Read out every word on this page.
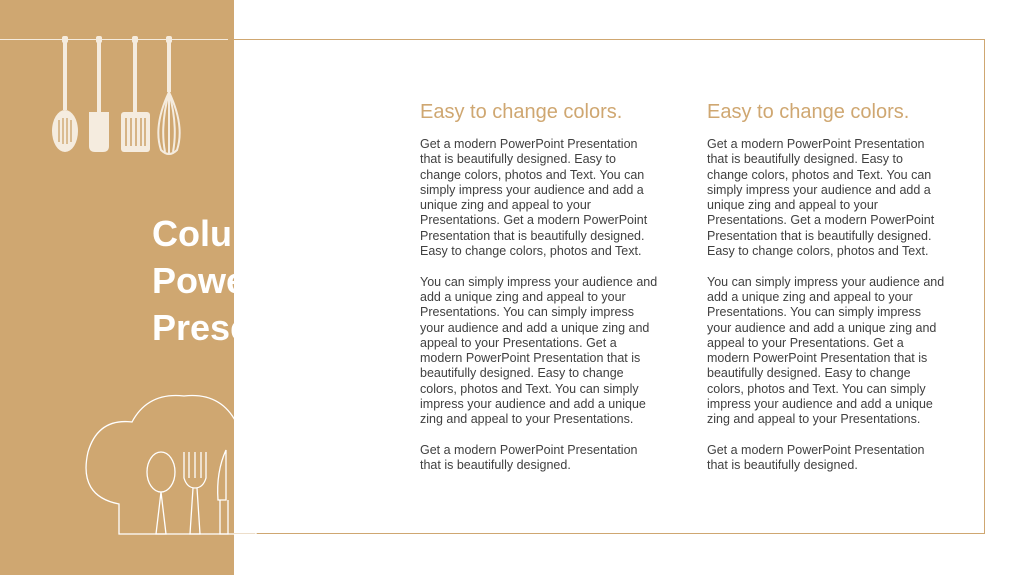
Column
Powerpoint
Presentation
Easy to change colors.

Get a modern PowerPoint Presentation that is beautifully designed. Easy to change colors, photos and Text. You can simply impress your audience and add a unique zing and appeal to your Presentations. Get a modern PowerPoint Presentation that is beautifully designed. Easy to change colors, photos and Text.

You can simply impress your audience and add a unique zing and appeal to your Presentations. You can simply impress your audience and add a unique zing and appeal to your Presentations. Get a modern PowerPoint Presentation that is beautifully designed. Easy to change colors, photos and Text. You can simply impress your audience and add a unique zing and appeal to your Presentations.

Get a modern PowerPoint Presentation that is beautifully designed.

Easy to change colors.

Get a modern PowerPoint Presentation that is beautifully designed. Easy to change colors, photos and Text. You can simply impress your audience and add a unique zing and appeal to your Presentations. Get a modern PowerPoint Presentation that is beautifully designed. Easy to change colors, photos and Text.

You can simply impress your audience and add a unique zing and appeal to your Presentations. You can simply impress your audience and add a unique zing and appeal to your Presentations. Get a modern PowerPoint Presentation that is beautifully designed. Easy to change colors, photos and Text. You can simply impress your audience and add a unique zing and appeal to your Presentations.

Get a modern PowerPoint Presentation that is beautifully designed.
